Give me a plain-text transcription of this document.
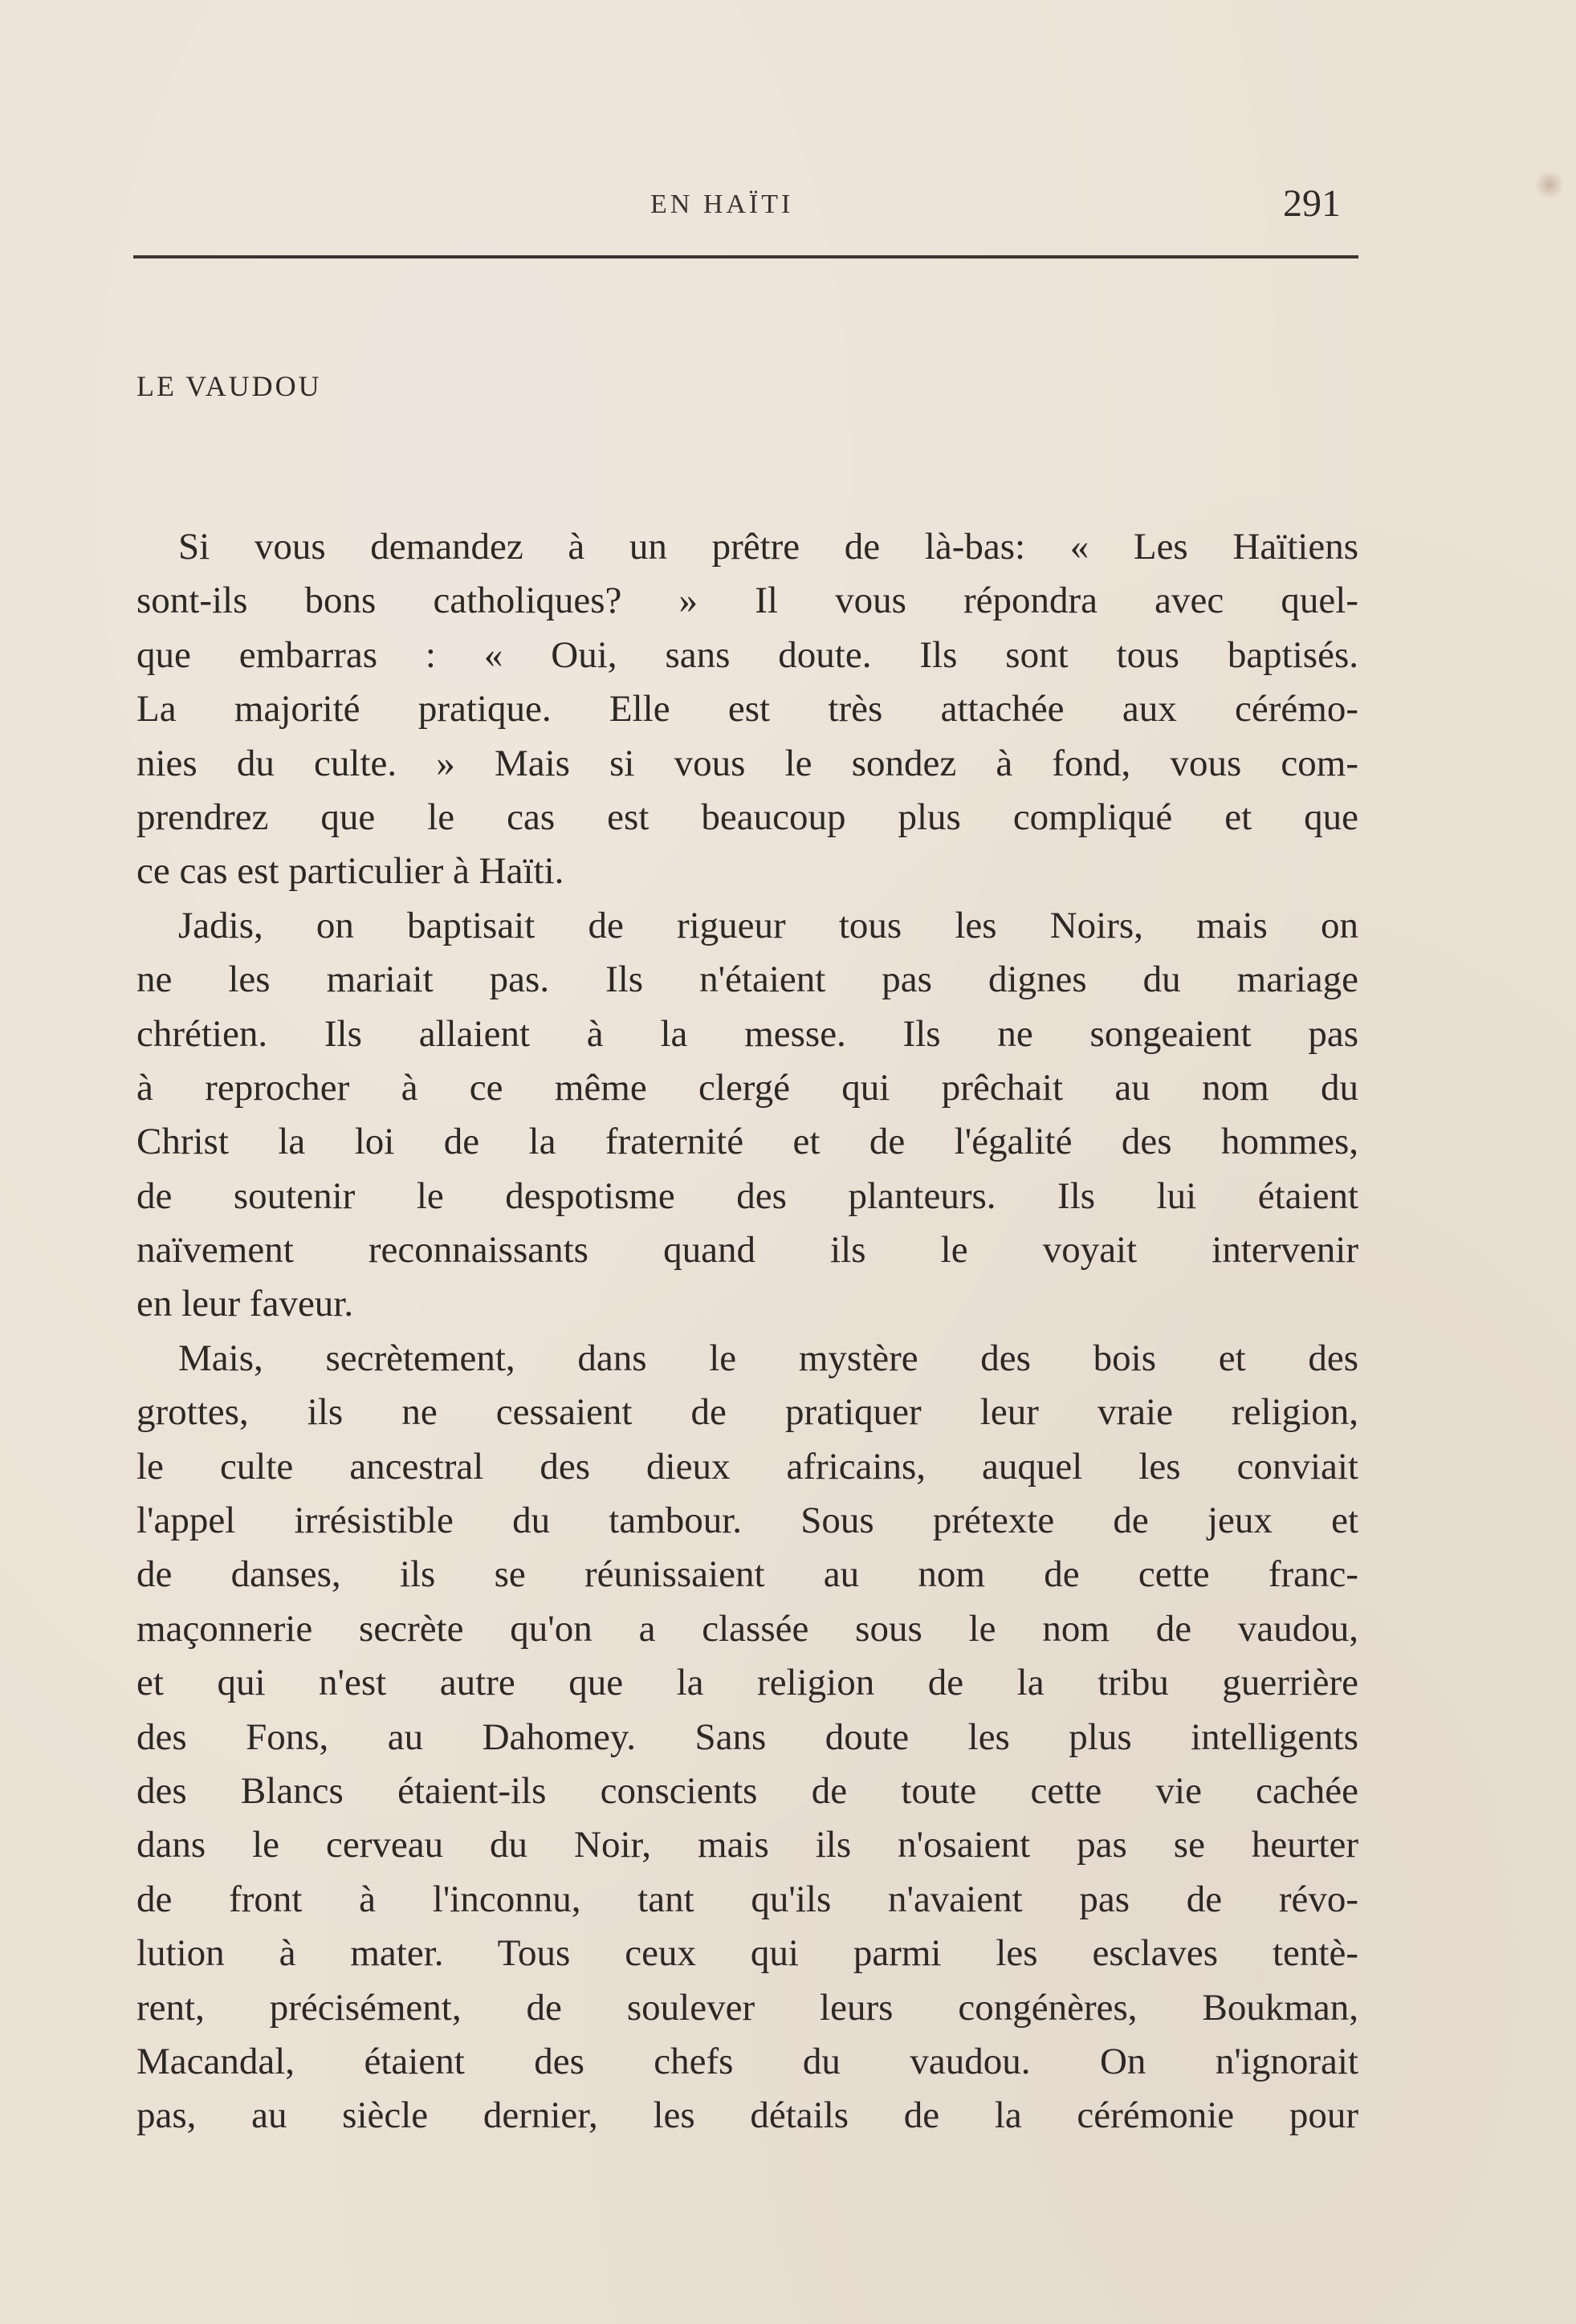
EN HAÏTI	291
LE VAUDOU
Si vous demandez à un prêtre de là-bas: « Les Haïtiens
sont-ils bons catholiques? » Il vous répondra avec quel-
que embarras : « Oui, sans doute. Ils sont tous baptisés.
La majorité pratique. Elle est très attachée aux cérémo-
nies du culte. » Mais si vous le sondez à fond, vous com-
prendrez que le cas est beaucoup plus compliqué et que
ce cas est particulier à Haïti.
Jadis, on baptisait de rigueur tous les Noirs, mais on
ne les mariait pas. Ils n'étaient pas dignes du mariage
chrétien. Ils allaient à la messe. Ils ne songeaient pas
à reprocher à ce même clergé qui prêchait au nom du
Christ la loi de la fraternité et de l'égalité des hommes,
de soutenir le despotisme des planteurs. Ils lui étaient
naïvement reconnaissants quand ils le voyait intervenir
en leur faveur.
Mais, secrètement, dans le mystère des bois et des
grottes, ils ne cessaient de pratiquer leur vraie religion,
le culte ancestral des dieux africains, auquel les conviait
l'appel irrésistible du tambour. Sous prétexte de jeux et
de danses, ils se réunissaient au nom de cette franc-
maçonnerie secrète qu'on a classée sous le nom de vaudou,
et qui n'est autre que la religion de la tribu guerrière
des Fons, au Dahomey. Sans doute les plus intelligents
des Blancs étaient-ils conscients de toute cette vie cachée
dans le cerveau du Noir, mais ils n'osaient pas se heurter
de front à l'inconnu, tant qu'ils n'avaient pas de révo-
lution à mater. Tous ceux qui parmi les esclaves tentè-
rent, précisément, de soulever leurs congénères, Boukman,
Macandal, étaient des chefs du vaudou. On n'ignorait
pas, au siècle dernier, les détails de la cérémonie pour
